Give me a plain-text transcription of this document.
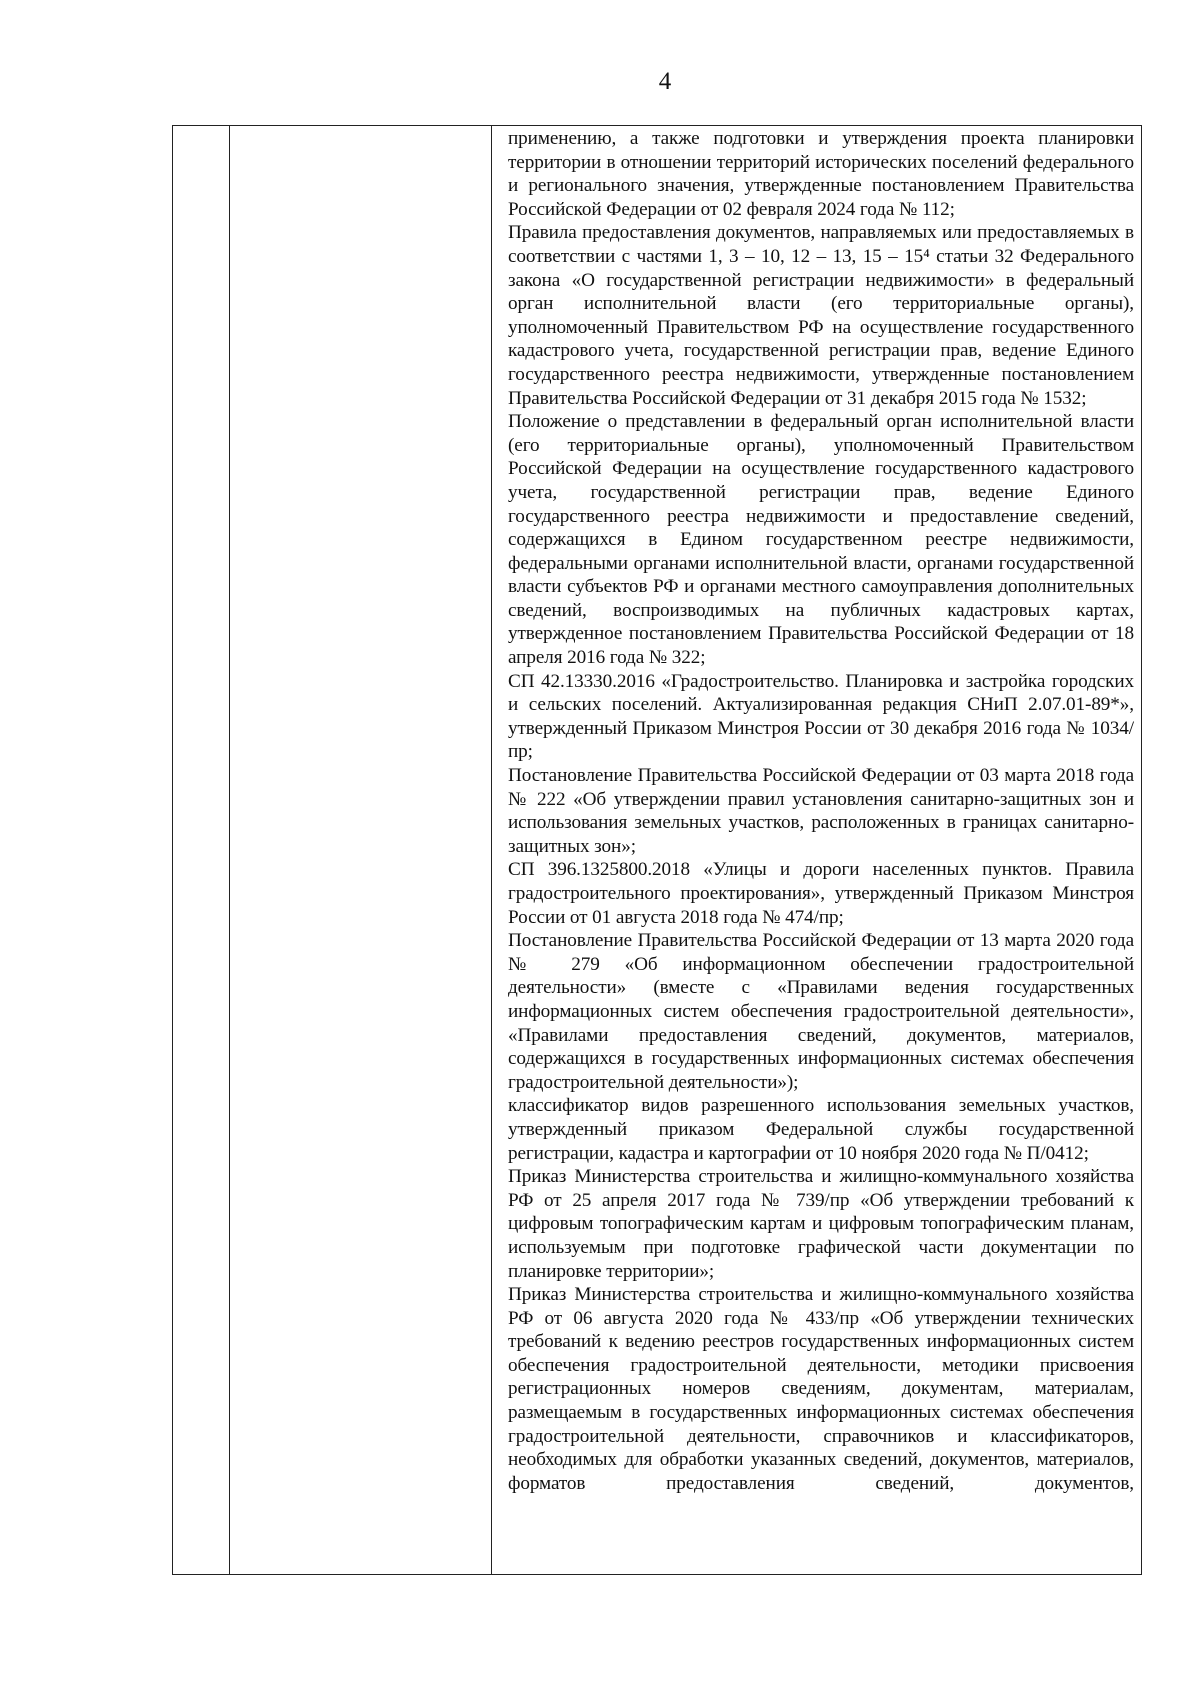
4

применению, а также подготовки и утверждения проекта планировки территории в отношении территорий исторических поселений федерального и регионального значения, утвержденные постановлением Правительства Российской Федерации от 02 февраля 2024 года № 112;

Правила предоставления документов, направляемых или предоставляемых в соответствии с частями 1, 3 – 10, 12 – 13, 15 – 15⁴ статьи 32 Федерального закона «О государственной регистрации недвижимости» в федеральный орган исполнительной власти (его территориальные органы), уполномоченный Правительством РФ на осуществление государственного кадастрового учета, государственной регистрации прав, ведение Единого государственного реестра недвижимости, утвержденные постановлением Правительства Российской Федерации от 31 декабря 2015 года № 1532;

Положение о представлении в федеральный орган исполнительной власти (его территориальные органы), уполномоченный Правительством Российской Федерации на осуществление государственного кадастрового учета, государственной регистрации прав, ведение Единого государственного реестра недвижимости и предоставление сведений, содержащихся в Едином государственном реестре недвижимости, федеральными органами исполнительной власти, органами государственной власти субъектов РФ и органами местного самоуправления дополнительных сведений, воспроизводимых на публичных кадастровых картах, утвержденное постановлением Правительства Российской Федерации от 18 апреля 2016 года № 322;

СП 42.13330.2016 «Градостроительство. Планировка и застройка городских и сельских поселений. Актуализированная редакция СНиП 2.07.01-89*», утвержденный Приказом Минстроя России от 30 декабря 2016 года № 1034/пр;

Постановление Правительства Российской Федерации от 03 марта 2018 года № 222 «Об утверждении правил установления санитарно-защитных зон и использования земельных участков, расположенных в границах санитарно-защитных зон»;

СП 396.1325800.2018 «Улицы и дороги населенных пунктов. Правила градостроительного проектирования», утвержденный Приказом Минстроя России от 01 августа 2018 года № 474/пр;

Постановление Правительства Российской Федерации от 13 марта 2020 года № 279 «Об информационном обеспечении градостроительной деятельности» (вместе с «Правилами ведения государственных информационных систем обеспечения градостроительной деятельности», «Правилами предоставления сведений, документов, материалов, содержащихся в государственных информационных системах обеспечения градостроительной деятельности»);

классификатор видов разрешенного использования земельных участков, утвержденный приказом Федеральной службы государственной регистрации, кадастра и картографии от 10 ноября 2020 года № П/0412;

Приказ Министерства строительства и жилищно-коммунального хозяйства РФ от 25 апреля 2017 года № 739/пр «Об утверждении требований к цифровым топографическим картам и цифровым топографическим планам, используемым при подготовке графической части документации по планировке территории»;

Приказ Министерства строительства и жилищно-коммунального хозяйства РФ от 06 августа 2020 года № 433/пр «Об утверждении технических требований к ведению реестров государственных информационных систем обеспечения градостроительной деятельности, методики присвоения регистрационных номеров сведениям, документам, материалам, размещаемым в государственных информационных системах обеспечения градостроительной деятельности, справочников и классификаторов, необходимых для обработки указанных сведений, документов, материалов, форматов предоставления сведений, документов,
